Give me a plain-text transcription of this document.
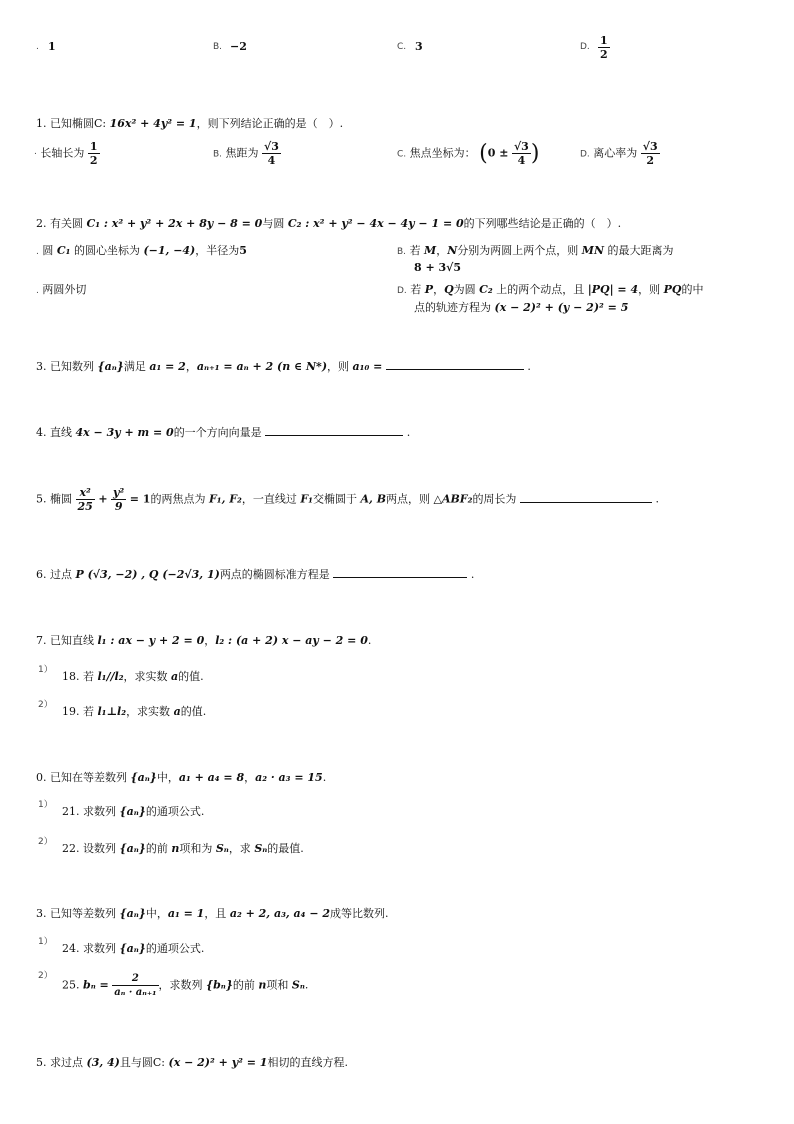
. 1	B. −2	C. 3	D. $\frac{1}{2}$
1. 已知椭圆C: 16x² + 4y² = 1，则下列结论正确的是（　）.
· 长轴长为 $\frac{1}{2}$	B. 焦距为 $\frac{√3}{4}$	C. 焦点坐标为： ($0 \pm \frac{√3}{4}$ )	D. 离心率为 $\frac{√3}{2}$
2. 有关圆 C₁ : x² + y² + 2x + 8y − 8 = 0与圆 C₂ : x² + y² − 4x − 4y − 1 = 0的下列哪些结论是正确的（　）.
. 圆 C₁ 的圆心坐标为 (−1, −4)，半径为5	B. 若 M，N分别为两圆上两个点，则 MN 的最大距离为
8 + 3√5
. 两圆外切	D. 若 P，Q为圆 C₂ 上的两个动点，且 |PQ| = 4，则 PQ的中
点的轨迹方程为 (x − 2)² + (y − 2)² = 5
3. 已知数列 {aₙ}满足 a₁ = 2，aₙ₊₁ = aₙ + 2 (n ∈ N*)，则 a₁₀ =	.
4. 直线 4x − 3y + m = 0的一个方向向量是	.
5. 椭圆 $\frac{\text{x²}}{25} + \frac{\text{y²}}{9} = 1$的两焦点为 F₁, F₂，一直线过 F₁交椭圆于 A, B两点，则 △ABF₂的周长为	.
6. 过点 P (√3, −2) , Q (−2√3, 1)两点的椭圆标准方程是	.
7. 已知直线 l₁ : ax − y + 2 = 0，l₂ : (a + 2) x − ay − 2 = 0.
1） 18. 若 l₁//l₂，求实数 a的值.
2） 19. 若 l₁⊥l₂，求实数 a的值.
0. 已知在等差数列 {aₙ}中，a₁ + a₄ = 8，a₂ · a₃ = 15.
1） 21. 求数列 {aₙ}的通项公式.
2） 22. 设数列 {aₙ}的前 n项和为 Sₙ，求 Sₙ的最值.
3. 已知等差数列 {aₙ}中，a₁ = 1，且 a₂ + 2, a₃, a₄ − 2成等比数列.
1） 24. 求数列 {aₙ}的通项公式.
2）
25. $b_n = \frac{2}{\text{aₙ · aₙ₊₁}}$ ，求数列 {bₙ}的前 n项和 Sₙ.
5. 求过点 (3, 4)且与圆C: (x − 2)² + y² = 1相切的直线方程.
